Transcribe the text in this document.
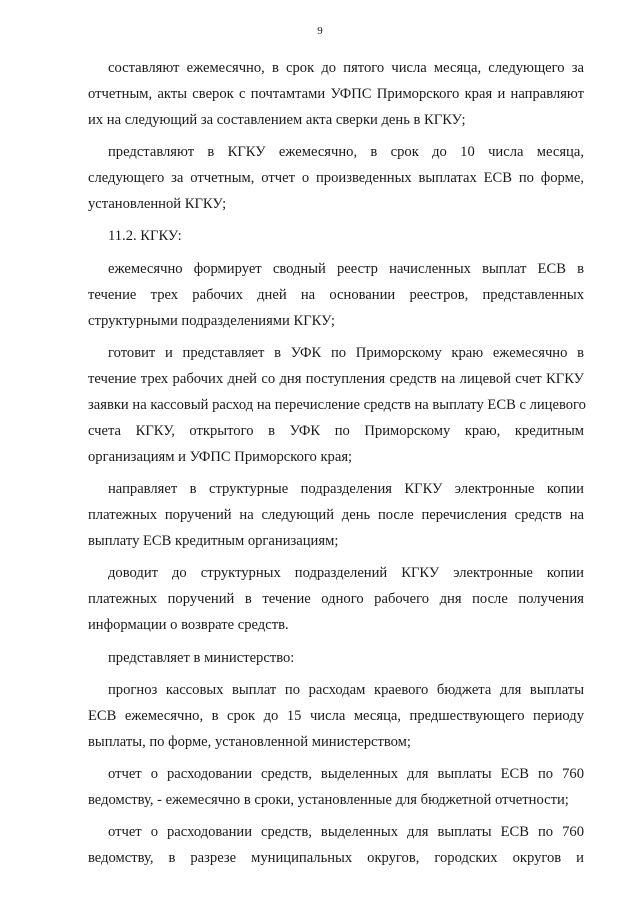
9

составляют ежемесячно, в срок до пятого числа месяца, следующего за
отчетным, акты сверок с почтамтами УФПС Приморского края и направляют
их на следующий за составлением акта сверки день в КГКУ;

представляют в КГКУ ежемесячно, в срок до 10 числа месяца,
следующего за отчетным, отчет о произведенных выплатах ЕСВ по форме,
установленной КГКУ;

11.2. КГКУ:

ежемесячно формирует сводный реестр начисленных выплат ЕСВ в
течение трех рабочих дней на основании реестров, представленных
структурными подразделениями КГКУ;

готовит и представляет в УФК по Приморскому краю ежемесячно в
течение трех рабочих дней со дня поступления средств на лицевой счет КГКУ
заявки на кассовый расход на перечисление средств на выплату ЕСВ с лицевого
счета КГКУ, открытого в УФК по Приморскому краю, кредитным
организациям и УФПС Приморского края;

направляет в структурные подразделения КГКУ электронные копии
платежных поручений на следующий день после перечисления средств на
выплату ЕСВ кредитным организациям;

доводит до структурных подразделений КГКУ электронные копии
платежных поручений в течение одного рабочего дня после получения
информации о возврате средств.

представляет в министерство:

прогноз кассовых выплат по расходам краевого бюджета для выплаты
ЕСВ ежемесячно, в срок до 15 числа месяца, предшествующего периоду
выплаты, по форме, установленной министерством;

отчет о расходовании средств, выделенных для выплаты ЕСВ по 760
ведомству, - ежемесячно в сроки, установленные для бюджетной отчетности;

отчет о расходовании средств, выделенных для выплаты ЕСВ по 760
ведомству, в разрезе муниципальных округов, городских округов и
